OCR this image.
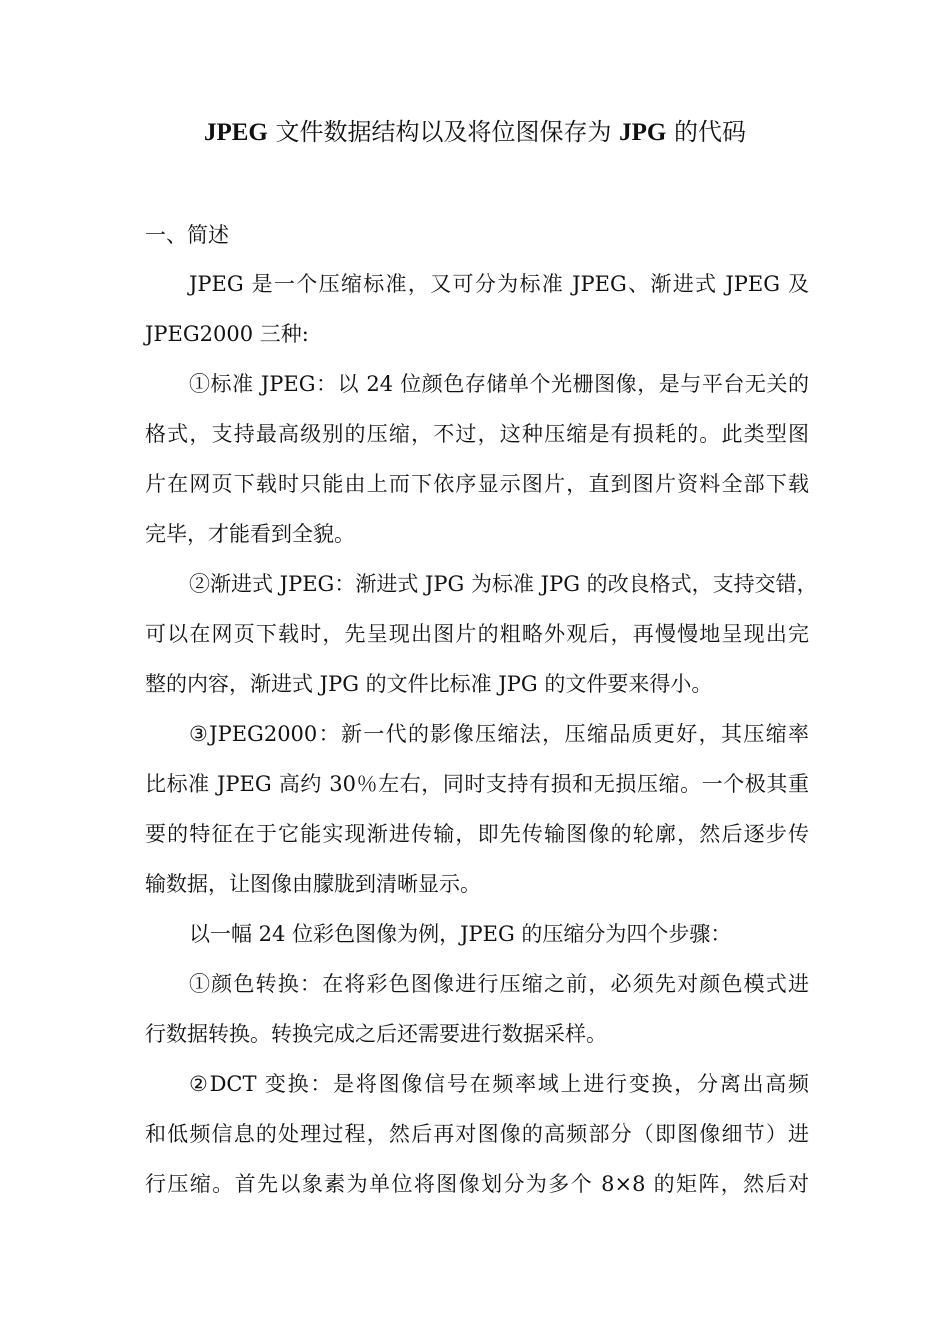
JPEG 文件数据结构以及将位图保存为 JPG 的代码

一、简述

JPEG 是一个压缩标准，又可分为标准 JPEG、渐进式 JPEG 及

JPEG2000 三种:

①标准 JPEG：以 24 位颜色存储单个光栅图像，是与平台无关的

格式，支持最高级别的压缩，不过，这种压缩是有损耗的。此类型图

片在网页下载时只能由上而下依序显示图片，直到图片资料全部下载

完毕，才能看到全貌。

②渐进式 JPEG：渐进式 JPG 为标准 JPG 的改良格式，支持交错，

可以在网页下载时，先呈现出图片的粗略外观后，再慢慢地呈现出完

整的内容，渐进式 JPG 的文件比标准 JPG 的文件要来得小。

③JPEG2000：新一代的影像压缩法，压缩品质更好，其压缩率

比标准 JPEG 高约 30％左右，同时支持有损和无损压缩。一个极其重

要的特征在于它能实现渐进传输，即先传输图像的轮廓，然后逐步传

输数据，让图像由朦胧到清晰显示。

以一幅 24 位彩色图像为例，JPEG 的压缩分为四个步骤：

①颜色转换：在将彩色图像进行压缩之前，必须先对颜色模式进

行数据转换。转换完成之后还需要进行数据采样。

②DCT 变换：是将图像信号在频率域上进行变换，分离出高频

和低频信息的处理过程，然后再对图像的高频部分（即图像细节）进

行压缩。首先以象素为单位将图像划分为多个 8×8 的矩阵，然后对
